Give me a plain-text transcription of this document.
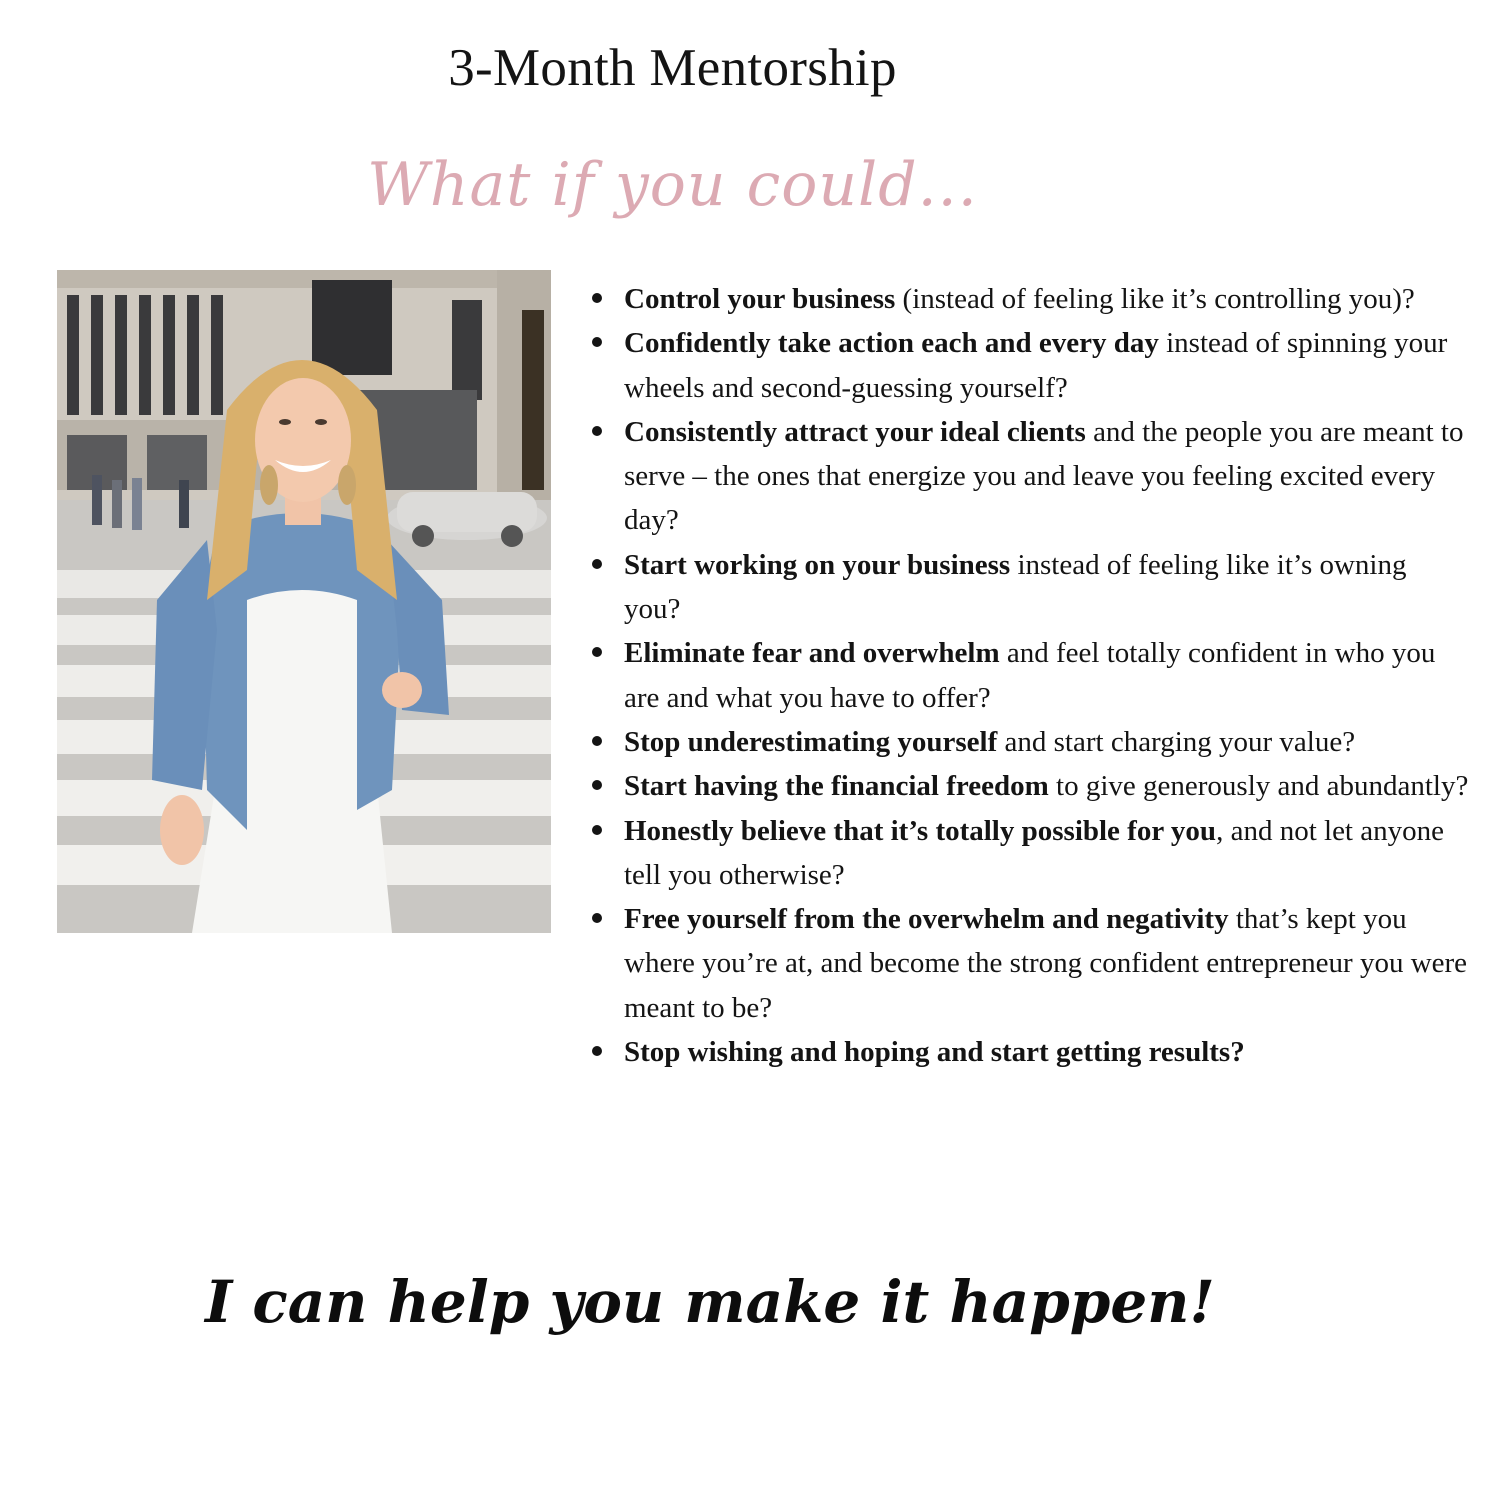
3-Month Mentorship
What if you could...
Control your business (instead of feeling like it’s controlling you)?
Confidently take action each and every day instead of spinning your wheels and second-guessing yourself?
Consistently attract your ideal clients and the people you are meant to serve – the ones that energize you and leave you feeling excited every day?
Start working on your business instead of feeling like it’s owning you?
Eliminate fear and overwhelm and feel totally confident in who you are and what you have to offer?
Stop underestimating yourself and start charging your value?
Start having the financial freedom to give generously and abundantly?
Honestly believe that it’s totally possible for you, and not let anyone tell you otherwise?
Free yourself from the overwhelm and negativity that’s kept you where you’re at, and become the strong confident entrepreneur you were meant to be?
Stop wishing and hoping and start getting results?
I can help you make it happen!
